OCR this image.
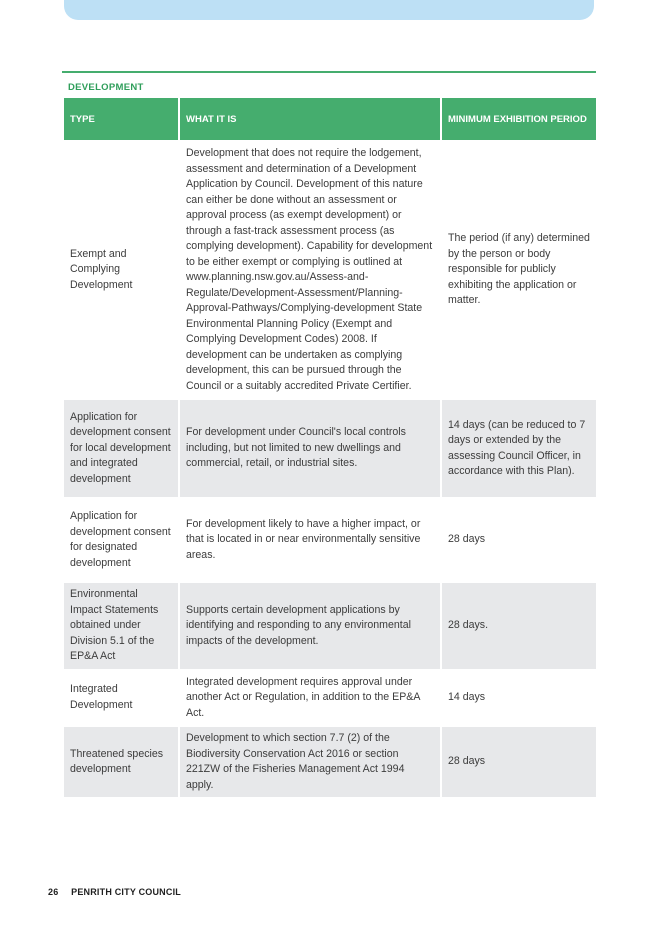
DEVELOPMENT
TYPE	WHAT IT IS	MINIMUM EXHIBITION PERIOD
Exempt and Complying Development	Development that does not require the lodgement, assessment and determination of a Development Application by Council. Development of this nature can either be done without an assessment or approval process (as exempt development) or through a fast-track assessment process (as complying development). Capability for development to be either exempt or complying is outlined at www.planning.nsw.gov.au/Assess-and-Regulate/Development-Assessment/Planning-Approval-Pathways/Complying-development State Environmental Planning Policy (Exempt and Complying Development Codes) 2008. If development can be undertaken as complying development, this can be pursued through the Council or a suitably accredited Private Certifier.	The period (if any) determined by the person or body responsible for publicly exhibiting the application or matter.
Application for development consent for local development and integrated development	For development under Council's local controls including, but not limited to new dwellings and commercial, retail, or industrial sites.	14 days (can be reduced to 7 days or extended by the assessing Council Officer, in accordance with this Plan).
Application for development consent for designated development	For development likely to have a higher impact, or that is located in or near environmentally sensitive areas.	28 days
Environmental Impact Statements obtained under Division 5.1 of the EP&A Act	Supports certain development applications by identifying and responding to any environmental impacts of the development.	28 days.
Integrated Development	Integrated development requires approval under another Act or Regulation, in addition to the EP&A Act.	14 days
Threatened species development	Development to which section 7.7 (2) of the Biodiversity Conservation Act 2016 or section 221ZW of the Fisheries Management Act 1994 apply.	28 days
26 PENRITH CITY COUNCIL
